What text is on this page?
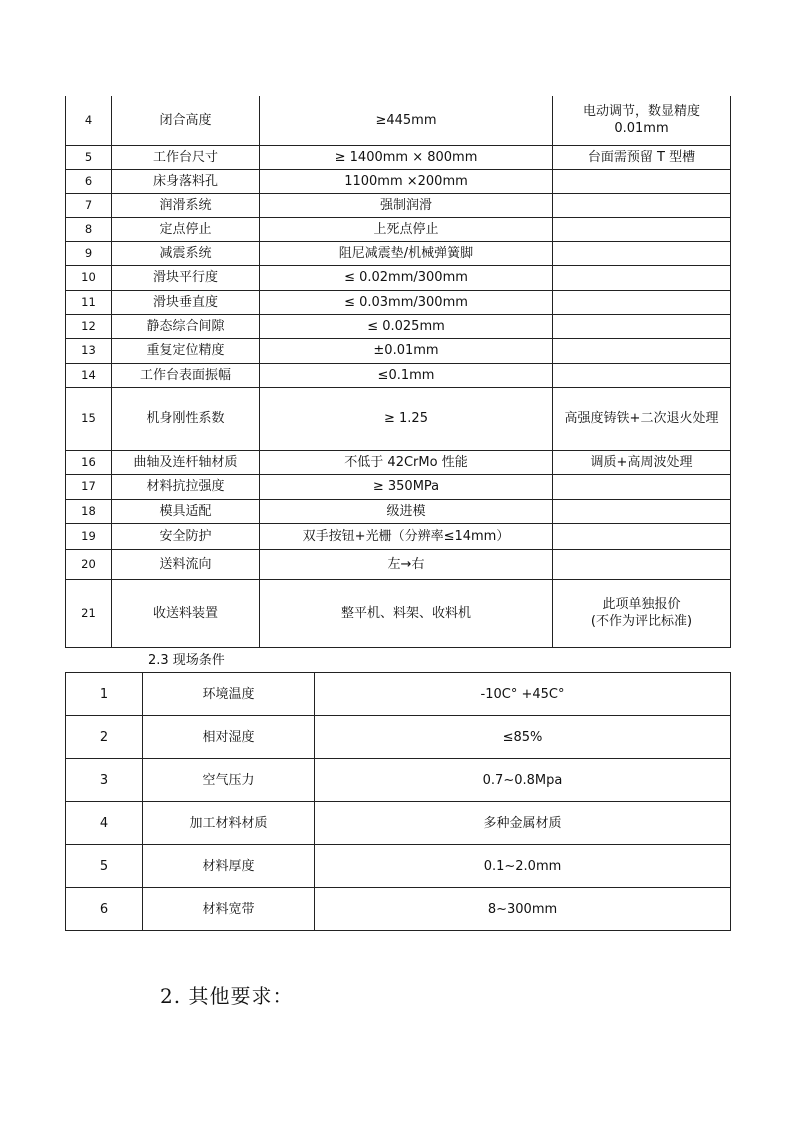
4	闭合高度	≥445mm	电动调节，数显精度
0.01mm
5	工作台尺寸	≥ 1400mm × 800mm	台面需预留 T 型槽
6	床身落料孔	1100mm ×200mm	
7	润滑系统	强制润滑	
8	定点停止	上死点停止	
9	减震系统	阻尼减震垫/机械弹簧脚	
10	滑块平行度	≤ 0.02mm/300mm	
11	滑块垂直度	≤ 0.03mm/300mm	
12	静态综合间隙	≤ 0.025mm	
13	重复定位精度	±0.01mm	
14	工作台表面振幅	≤0.1mm	
15	机身刚性系数	≥ 1.25	高强度铸铁+二次退火处理
16	曲轴及连杆轴材质	不低于 42CrMo 性能	调质+高周波处理
17	材料抗拉强度	≥ 350MPa	
18	模具适配	级进模	
19	安全防护	双手按钮+光栅（分辨率≤14mm）	
20	送料流向	左→右	
21	收送料装置	整平机、料架、收料机	此项单独报价
(不作为评比标准)
2.3 现场条件
1	环境温度	-10C° +45C°
2	相对湿度	≤85%
3	空气压力	0.7~0.8Mpa
4	加工材料材质	多种金属材质
5	材料厚度	0.1~2.0mm
6	材料宽带	8~300mm
2. 其他要求：
